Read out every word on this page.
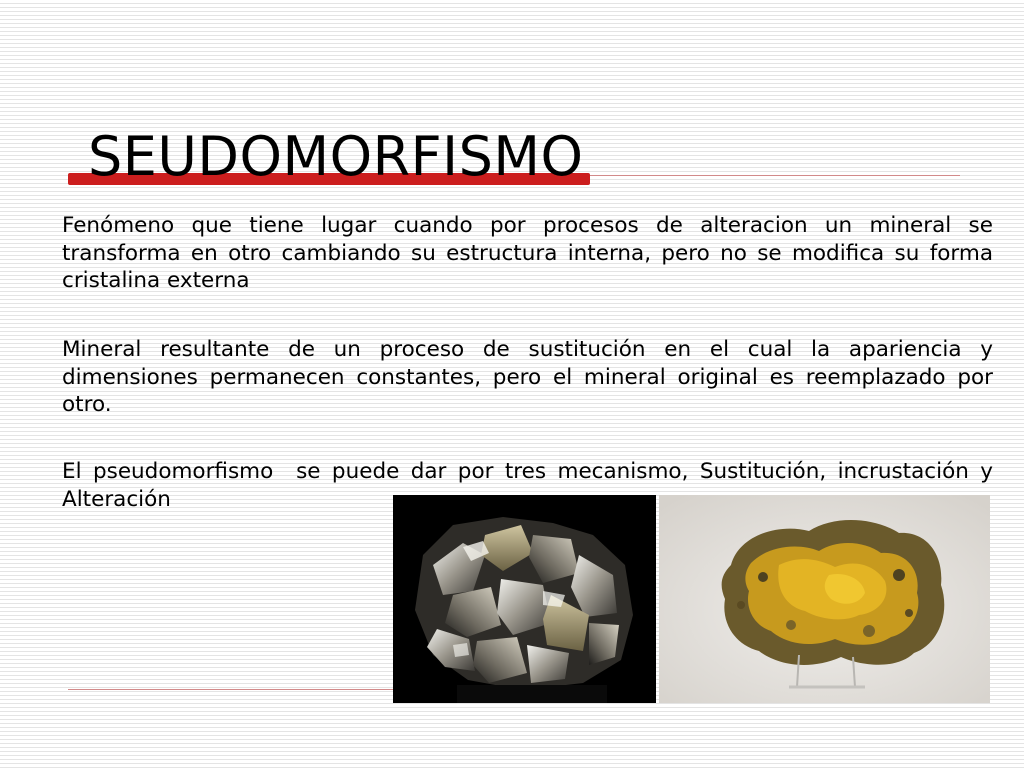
SEUDOMORFISMO

Fenómeno que tiene lugar cuando por procesos de alteracion un mineral se transforma en otro cambiando su estructura interna, pero no se modifica su forma cristalina externa

Mineral resultante de un proceso de sustitución en el cual la apariencia y dimensiones permanecen constantes, pero el mineral original es reemplazado por otro.

El pseudomorfismo  se puede dar por tres mecanismo, Sustitución, incrustación y Alteración
